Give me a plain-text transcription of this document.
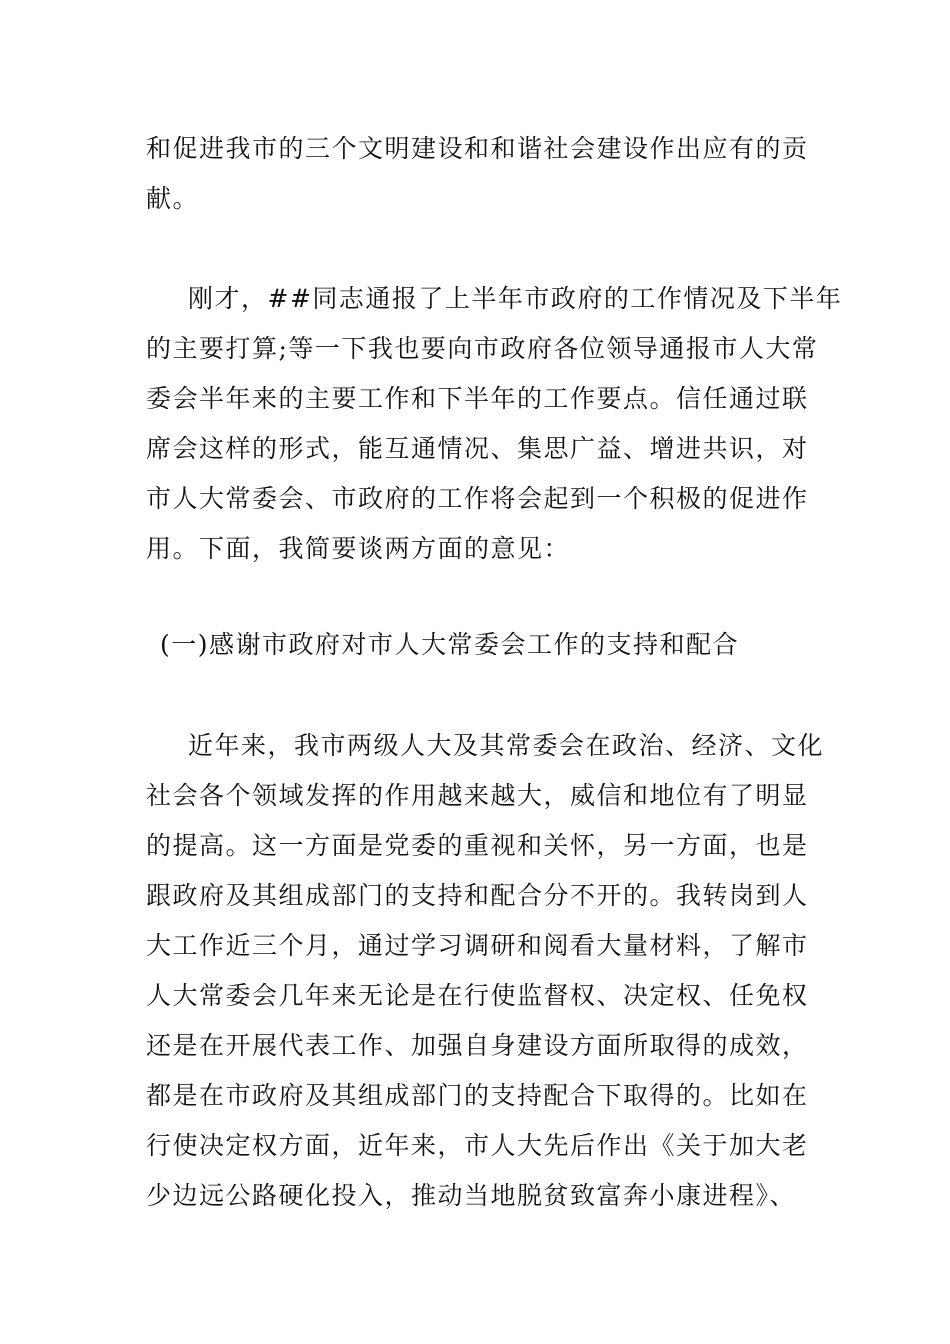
和促进我市的三个文明建设和和谐社会建设作出应有的贡
献。
刚才，##同志通报了上半年市政府的工作情况及下半年
的主要打算;等一下我也要向市政府各位领导通报市人大常
委会半年来的主要工作和下半年的工作要点。信任通过联
席会这样的形式，能互通情况、集思广益、增进共识，对
市人大常委会、市政府的工作将会起到一个积极的促进作
用。下面，我简要谈两方面的意见：
(一)感谢市政府对市人大常委会工作的支持和配合
近年来，我市两级人大及其常委会在政治、经济、文化
社会各个领域发挥的作用越来越大，威信和地位有了明显
的提高。这一方面是党委的重视和关怀，另一方面，也是
跟政府及其组成部门的支持和配合分不开的。我转岗到人
大工作近三个月，通过学习调研和阅看大量材料，了解市
人大常委会几年来无论是在行使监督权、决定权、任免权
还是在开展代表工作、加强自身建设方面所取得的成效，
都是在市政府及其组成部门的支持配合下取得的。比如在
行使决定权方面，近年来，市人大先后作出《关于加大老
少边远公路硬化投入，推动当地脱贫致富奔小康进程》、
